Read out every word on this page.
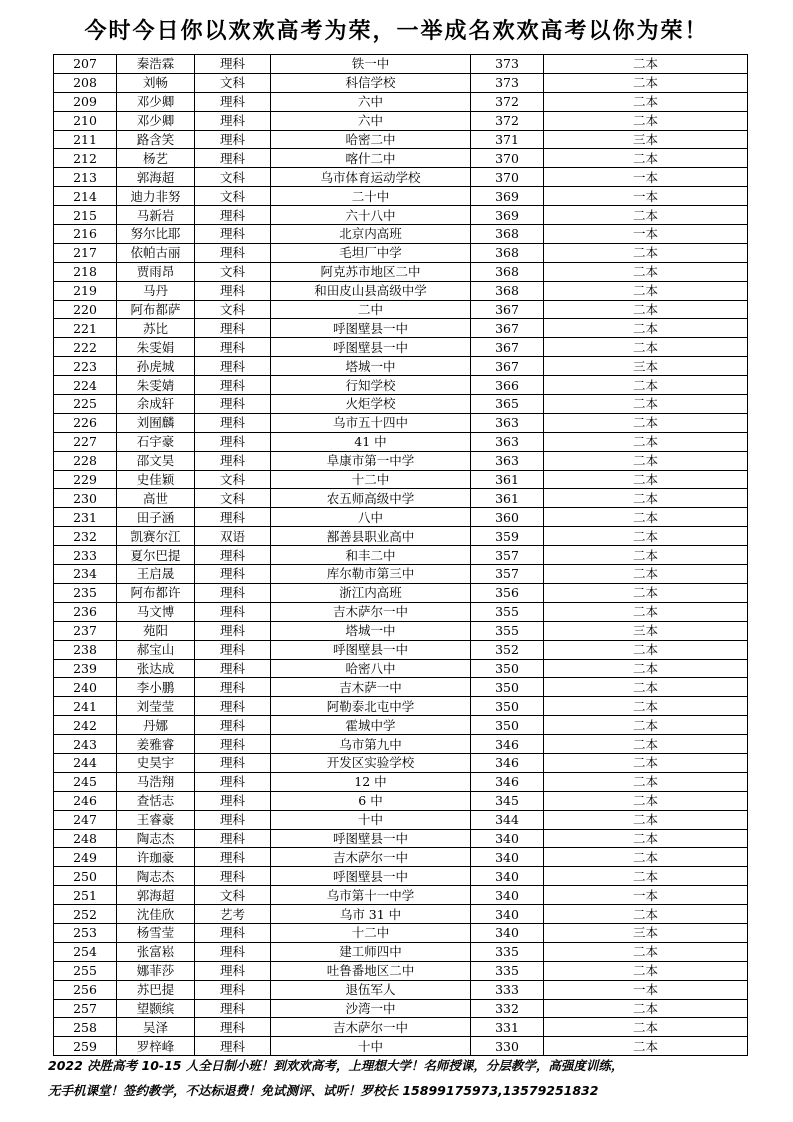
今时今日你以欢欢高考为荣，一举成名欢欢高考以你为荣！
207	秦浩霖	理科	铁一中	373	二本
208	刘畅	文科	科信学校	373	二本
209	邓少卿	理科	六中	372	二本
210	邓少卿	理科	六中	372	二本
211	路含笑	理科	哈密二中	371	三本
212	杨艺	理科	喀什二中	370	二本
213	郭海超	文科	乌市体育运动学校	370	一本
214	迪力非努	文科	二十中	369	一本
215	马新岩	理科	六十八中	369	二本
216	努尔比耶	理科	北京内高班	368	一本
217	依帕古丽	理科	毛坦厂中学	368	二本
218	贾雨昂	文科	阿克苏市地区二中	368	二本
219	马丹	理科	和田皮山县高级中学	368	二本
220	阿布都萨	文科	二中	367	二本
221	苏比	理科	呼图壁县一中	367	二本
222	朱雯娟	理科	呼图壁县一中	367	二本
223	孙虎城	理科	塔城一中	367	三本
224	朱雯婧	理科	行知学校	366	二本
225	余成轩	理科	火炬学校	365	二本
226	刘囿麟	理科	乌市五十四中	363	二本
227	石宇豪	理科	41 中	363	二本
228	邵文昊	理科	阜康市第一中学	363	二本
229	史佳颖	文科	十二中	361	二本
230	高世	文科	农五师高级中学	361	二本
231	田子涵	理科	八中	360	二本
232	凯赛尔江	双语	鄯善县职业高中	359	二本
233	夏尔巴提	理科	和丰二中	357	二本
234	王启晟	理科	库尔勒市第三中	357	二本
235	阿布都许	理科	浙江内高班	356	二本
236	马文博	理科	吉木萨尔一中	355	二本
237	苑阳	理科	塔城一中	355	三本
238	郝宝山	理科	呼图壁县一中	352	二本
239	张达成	理科	哈密八中	350	二本
240	李小鹏	理科	吉木萨一中	350	二本
241	刘莹莹	理科	阿勒泰北屯中学	350	二本
242	丹娜	理科	霍城中学	350	二本
243	姜雅睿	理科	乌市第九中	346	二本
244	史昊宇	理科	开发区实验学校	346	二本
245	马浩翔	理科	12 中	346	二本
246	查恬志	理科	6 中	345	二本
247	王睿豪	理科	十中	344	二本
248	陶志杰	理科	呼图壁县一中	340	二本
249	许珈豪	理科	吉木萨尔一中	340	二本
250	陶志杰	理科	呼图壁县一中	340	二本
251	郭海超	文科	乌市第十一中学	340	一本
252	沈佳欣	艺考	乌市 31 中	340	二本
253	杨雪莹	理科	十二中	340	三本
254	张富崧	理科	建工师四中	335	二本
255	娜菲莎	理科	吐鲁番地区二中	335	二本
256	苏巴提	理科	退伍军人	333	一本
257	望颢缤	理科	沙湾一中	332	二本
258	吴泽	理科	吉木萨尔一中	331	二本
259	罗梓峰	理科	十中	330	二本
2022 决胜高考 10-15 人全日制小班！到欢欢高考，上理想大学！名师授课，分层教学，高强度训练，
无手机课堂！签约教学，不达标退费！免试测评、试听！罗校长 15899175973,13579251832
